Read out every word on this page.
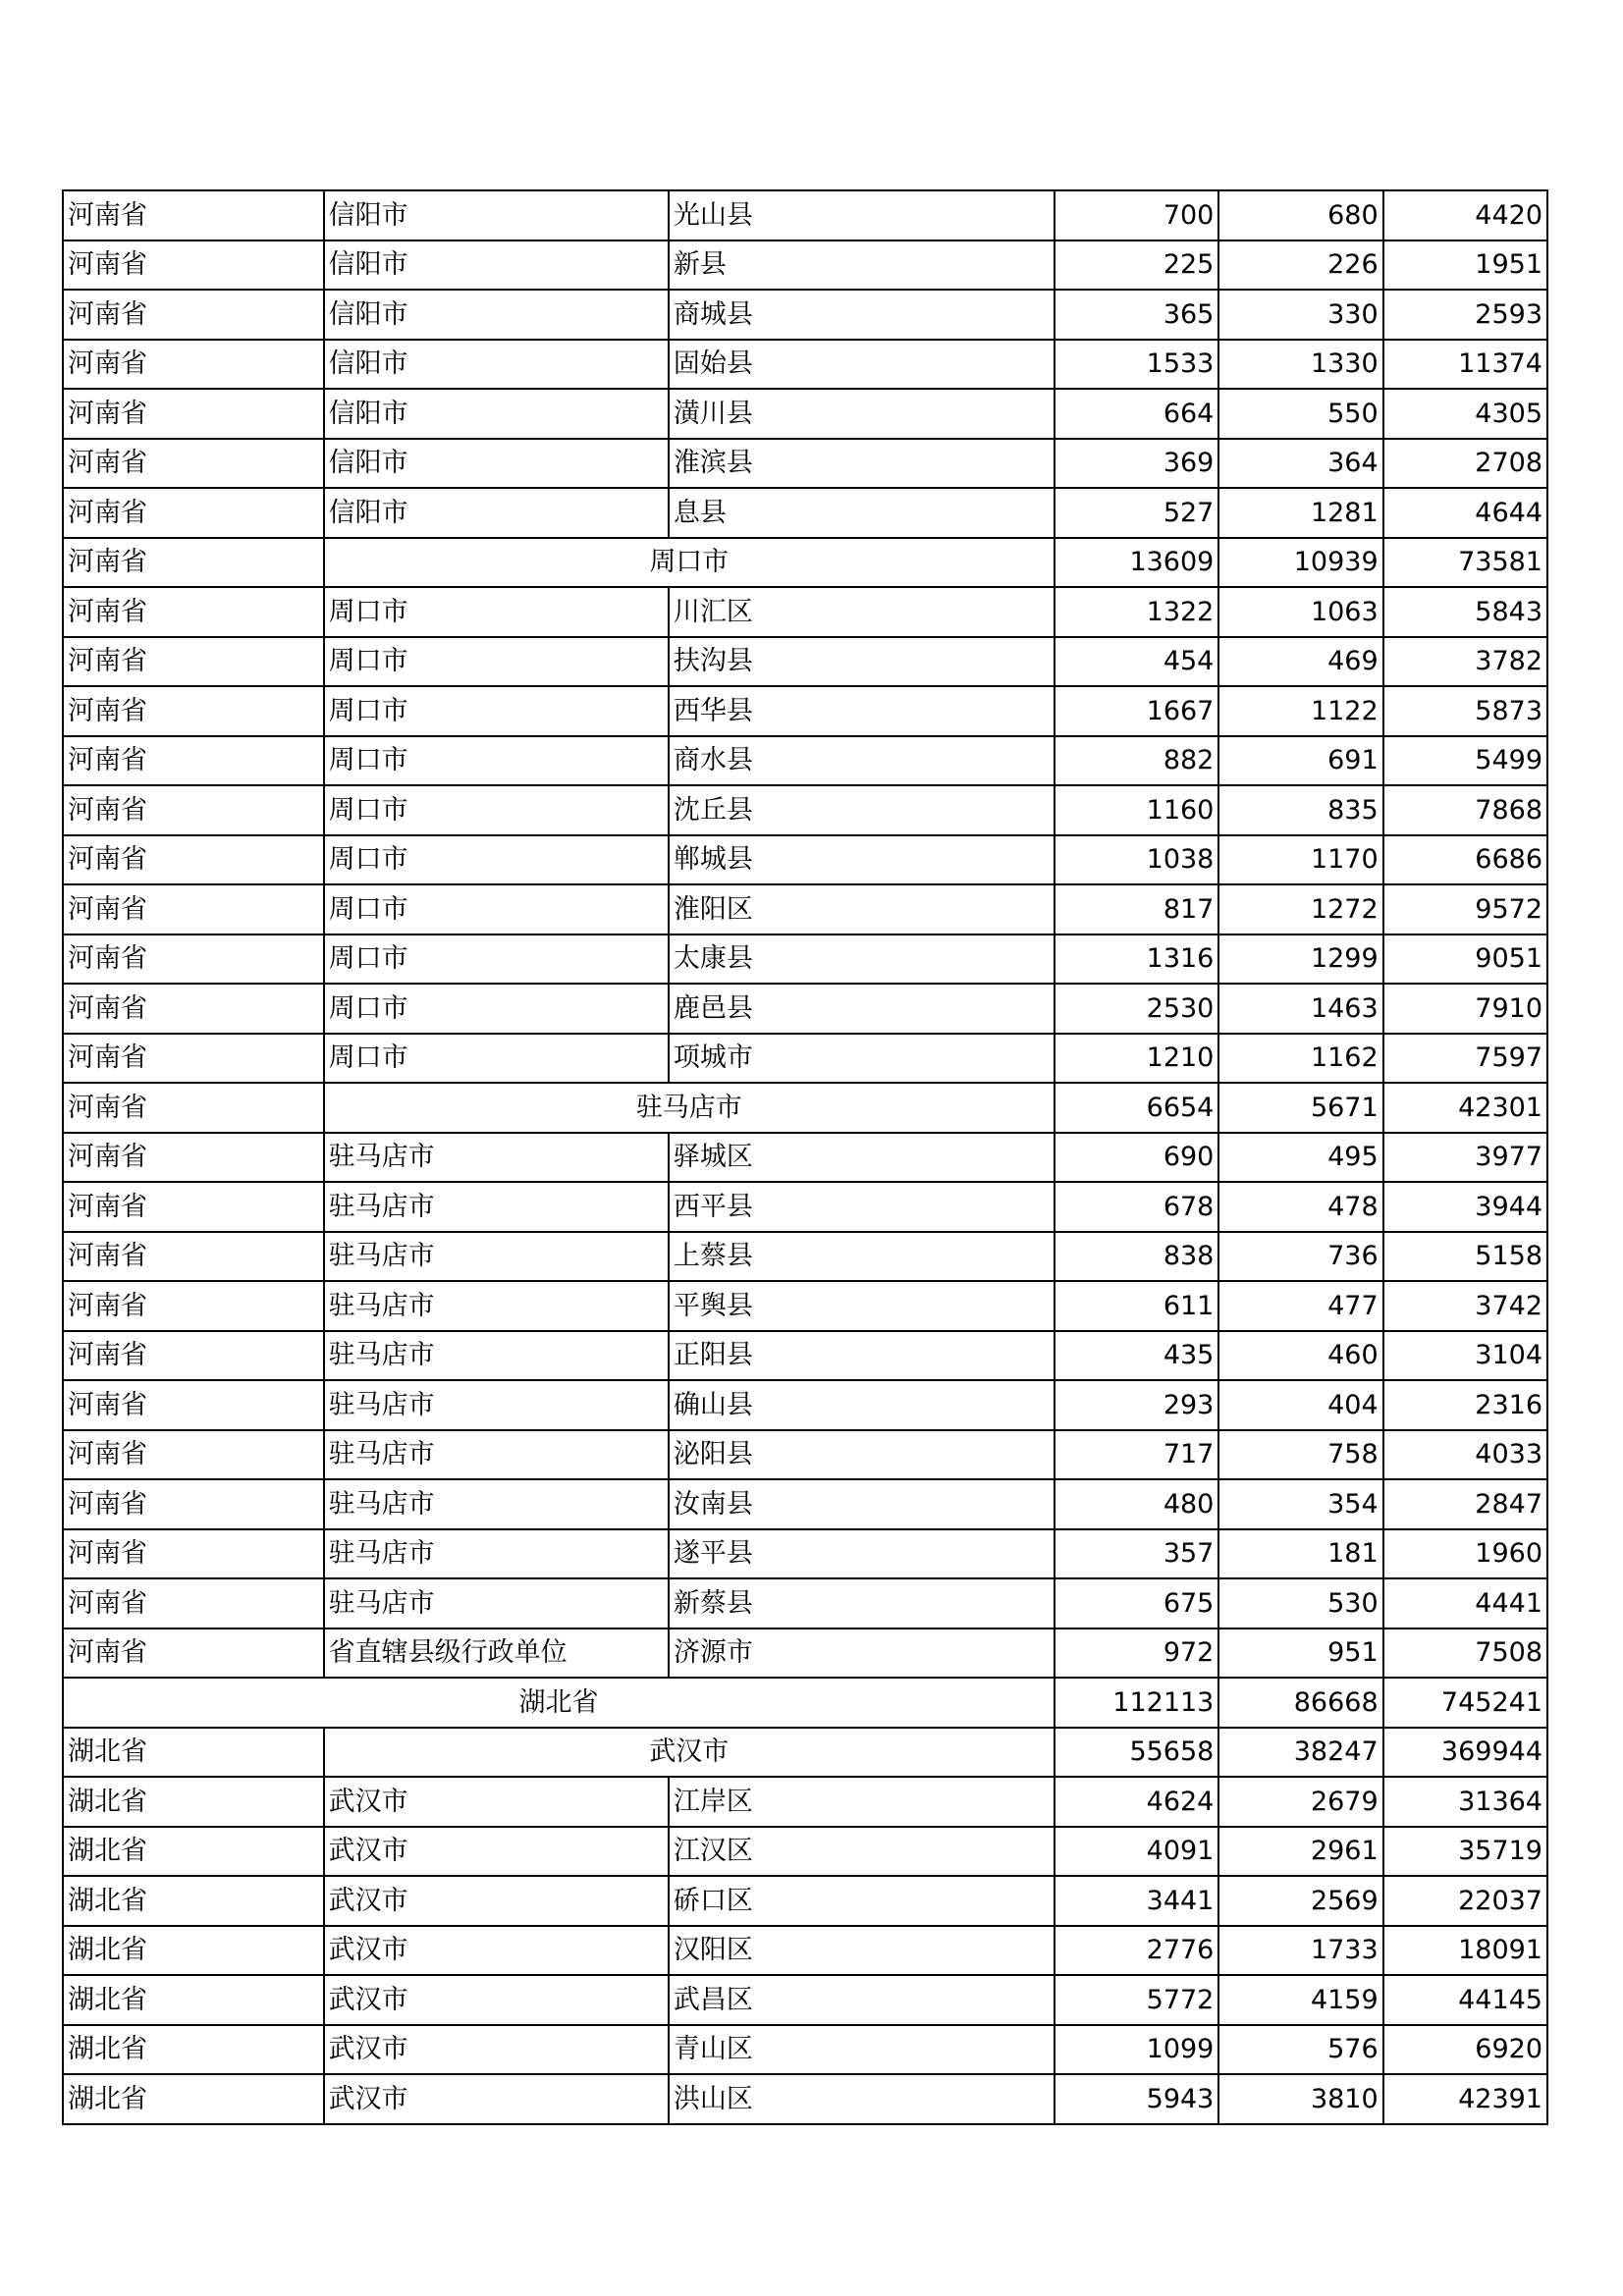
河南省	信阳市	光山县	700	680	4420
河南省	信阳市	新县	225	226	1951
河南省	信阳市	商城县	365	330	2593
河南省	信阳市	固始县	1533	1330	11374
河南省	信阳市	潢川县	664	550	4305
河南省	信阳市	淮滨县	369	364	2708
河南省	信阳市	息县	527	1281	4644
河南省	周口市		13609	10939	73581
河南省	周口市	川汇区	1322	1063	5843
河南省	周口市	扶沟县	454	469	3782
河南省	周口市	西华县	1667	1122	5873
河南省	周口市	商水县	882	691	5499
河南省	周口市	沈丘县	1160	835	7868
河南省	周口市	郸城县	1038	1170	6686
河南省	周口市	淮阳区	817	1272	9572
河南省	周口市	太康县	1316	1299	9051
河南省	周口市	鹿邑县	2530	1463	7910
河南省	周口市	项城市	1210	1162	7597
河南省	驻马店市		6654	5671	42301
河南省	驻马店市	驿城区	690	495	3977
河南省	驻马店市	西平县	678	478	3944
河南省	驻马店市	上蔡县	838	736	5158
河南省	驻马店市	平舆县	611	477	3742
河南省	驻马店市	正阳县	435	460	3104
河南省	驻马店市	确山县	293	404	2316
河南省	驻马店市	泌阳县	717	758	4033
河南省	驻马店市	汝南县	480	354	2847
河南省	驻马店市	遂平县	357	181	1960
河南省	驻马店市	新蔡县	675	530	4441
河南省	省直辖县级行政单位	济源市	972	951	7508
湖北省			112113	86668	745241
湖北省	武汉市		55658	38247	369944
湖北省	武汉市	江岸区	4624	2679	31364
湖北省	武汉市	江汉区	4091	2961	35719
湖北省	武汉市	硚口区	3441	2569	22037
湖北省	武汉市	汉阳区	2776	1733	18091
湖北省	武汉市	武昌区	5772	4159	44145
湖北省	武汉市	青山区	1099	576	6920
湖北省	武汉市	洪山区	5943	3810	42391
